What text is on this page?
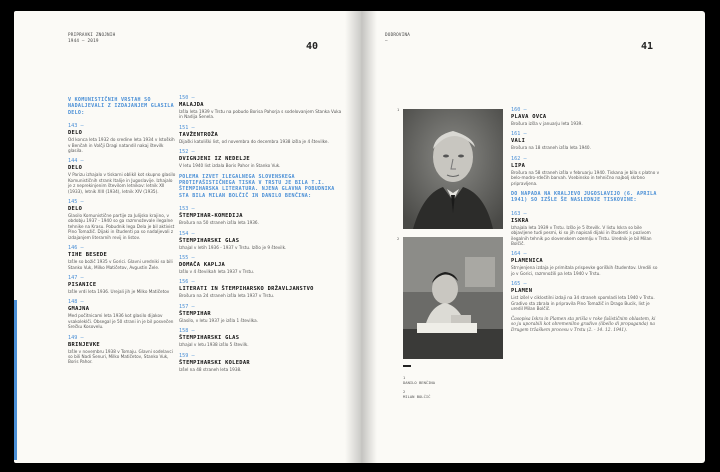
PRIPRAVKI ZNOJNIH
1944 — 2019	40
V KOMUNISTIČNIH VRSTAH SO NADALJEVALI Z IZDAJANJEM GLASILA DELO:
143 —
DELO
Od konca leta 1932 do sredine leta 1934 v Istoških v Benčah in Volčji Dragi natandil nakaj številk glasila.
144 —
DELO
V Parizu izhajalo v tiskarni oblikil kot skupno glasilo Komunističnih strank Italije in Jugoslavije. Izhajalo je z neprekinjenim številom letnikov: letnik XII (1933), letnik XIII (1934), letnik XIV (1935).
145 —
DELO
Glasilo Komunistične partije za Julijsko krajino, v obdobju 1937 - 1940 so ga razmnoževale ilegalne tehnike na Krasu. Pobudnik lega Dela je bil aktivist Pino Tomažič. Dijaki in študenti pa so nadaljevali z izdajanjem literarnih revij in listov.
146 —
TIHE BESEDE
Izšle so božič 1935 v Gorici. Glavni uredniki so bili Stanko Vuk, Milko Matičetov, Avgustin Žele.
147 —
PISANICE
Izšle vrdi leta 1936. Urejali jih je Milko Matičetov
148 —
GMAJNA
Med počitnicami leta 1936 kot glasilo dijakov vsakoleklči. Obsegal je 50 strani in je bil posvečen Srečku Kosovelu.
149 —
BRINJEVKE
Izšle v novembru 1938 v Tomaju. Glavni sodelavci so bili Nadi Šenuri, Milko Matičetov, Stanko Vuk, Boris Pahor.
150 —
MALAJDA
Izšla leta 1939 v Trstu na pobudo Borisa Pahorja s sodelovanjem Stanka Vuka in Nadija Šenela.
151 —
TAVŽENTROŽA
Dijaški katoliški list, od novembra do decembra 1938 izšla je 4 številke.
152 —
DVIGNJENI IZ NEDELJE
V letu 1940 list izdala Boris Pahor in Stanko Vuk.
POLEMA IZVET ILEGALNEGA SLOVENSKEGA PROTIFAŠISTIČNEGA TISKA V TRSTU JE BILA T.I. ŠTEMPIHARSKA LITERATURA. NJENA GLAVNA POBUDNIKA STA BILA MILAN BOLČIČ IN DANILO BENČINA:
153 —
ŠTEMPIHAR-KOMEDIJA
Brošura na 50 straneh izšla leta 1936.
154 —
ŠTEMPIHARSKI GLAS
Izhajal v letih 1936 - 1937 v Trstu. Izšlo je 9 številk.
155 —
DOMAČA KAPLJA
Izšlo v 4 številkah leta 1937 v Trstu.
156 —
LITERATI IN ŠTEMPIHARSKO DRŽAVLJANSTVO
Brošura na 24 straneh izšla leta 1937 v Trstu.
157 —
ŠTEMPIHAR
Glasilo, v letu 1937 je izšla 1 številka.
158 —
ŠTEMPIHARSKI GLAS
Izhajal v letu 1938 izšlo 5 številk.
159 —
ŠTEMPIHARSKI KOLEDAR
Izšel na 48 straneh leta 1938.
DODROVINA
—	41
1
2
1
DANILO BENČINA
2
MILAN BOLČIČ
160 —
PLAVA OVCA
Brošura izšla v januarju leta 1939.
161 —
VALI
Brošura na 18 straneh izšla leta 1940.
162 —
LIPA
Brošura na 58 straneh izšla v februarju 1940. Tiskana je bila s platno v belo-modro-rdečih barvah. Vsebinsko in tehnično najbolj skrbno pripravljena.
DO NAPADA NA KRALJEVO JUGOSLAVIJO (6. APRILA 1941) SO IZŠLE ŠE NASLEDNJE TISKOVINE:
163 —
ISKRA
Izhajala leta 1939 v Trstu. Izšlo je 5 številk. V listu Iskra so bile objavljene tudi pesmi, ki so jih napisali dijaki in študenti s pozivom ilegalnih tehnik po slovenskem ozemlju v Trstu. Urednik je bil Milan Bolčič.
164 —
PLAMENICA
Strnjenjena izdaja je primitala prispevke goriških študentov. Uredili so jo v Gorici, razmnožili pa leta 1940 v Trstu.
165 —
PLAMEN
List izšel v ciklostilni izdaji na 34 straneh spomladi leta 1940 v Trstu. Gradivo sta zbrala in pripravila Pino Tomažič in Drago Bucik, list je uredil Milan Bolčič.
Časopisa Iskra in Plamen sta prišla v roke fašističnim oblastem, ki so ju uporabili kot obremenilno gradivo (libello di propaganda) na Drugem tržaškem procesu v Trstu (2. - 14. 12. 1941).
